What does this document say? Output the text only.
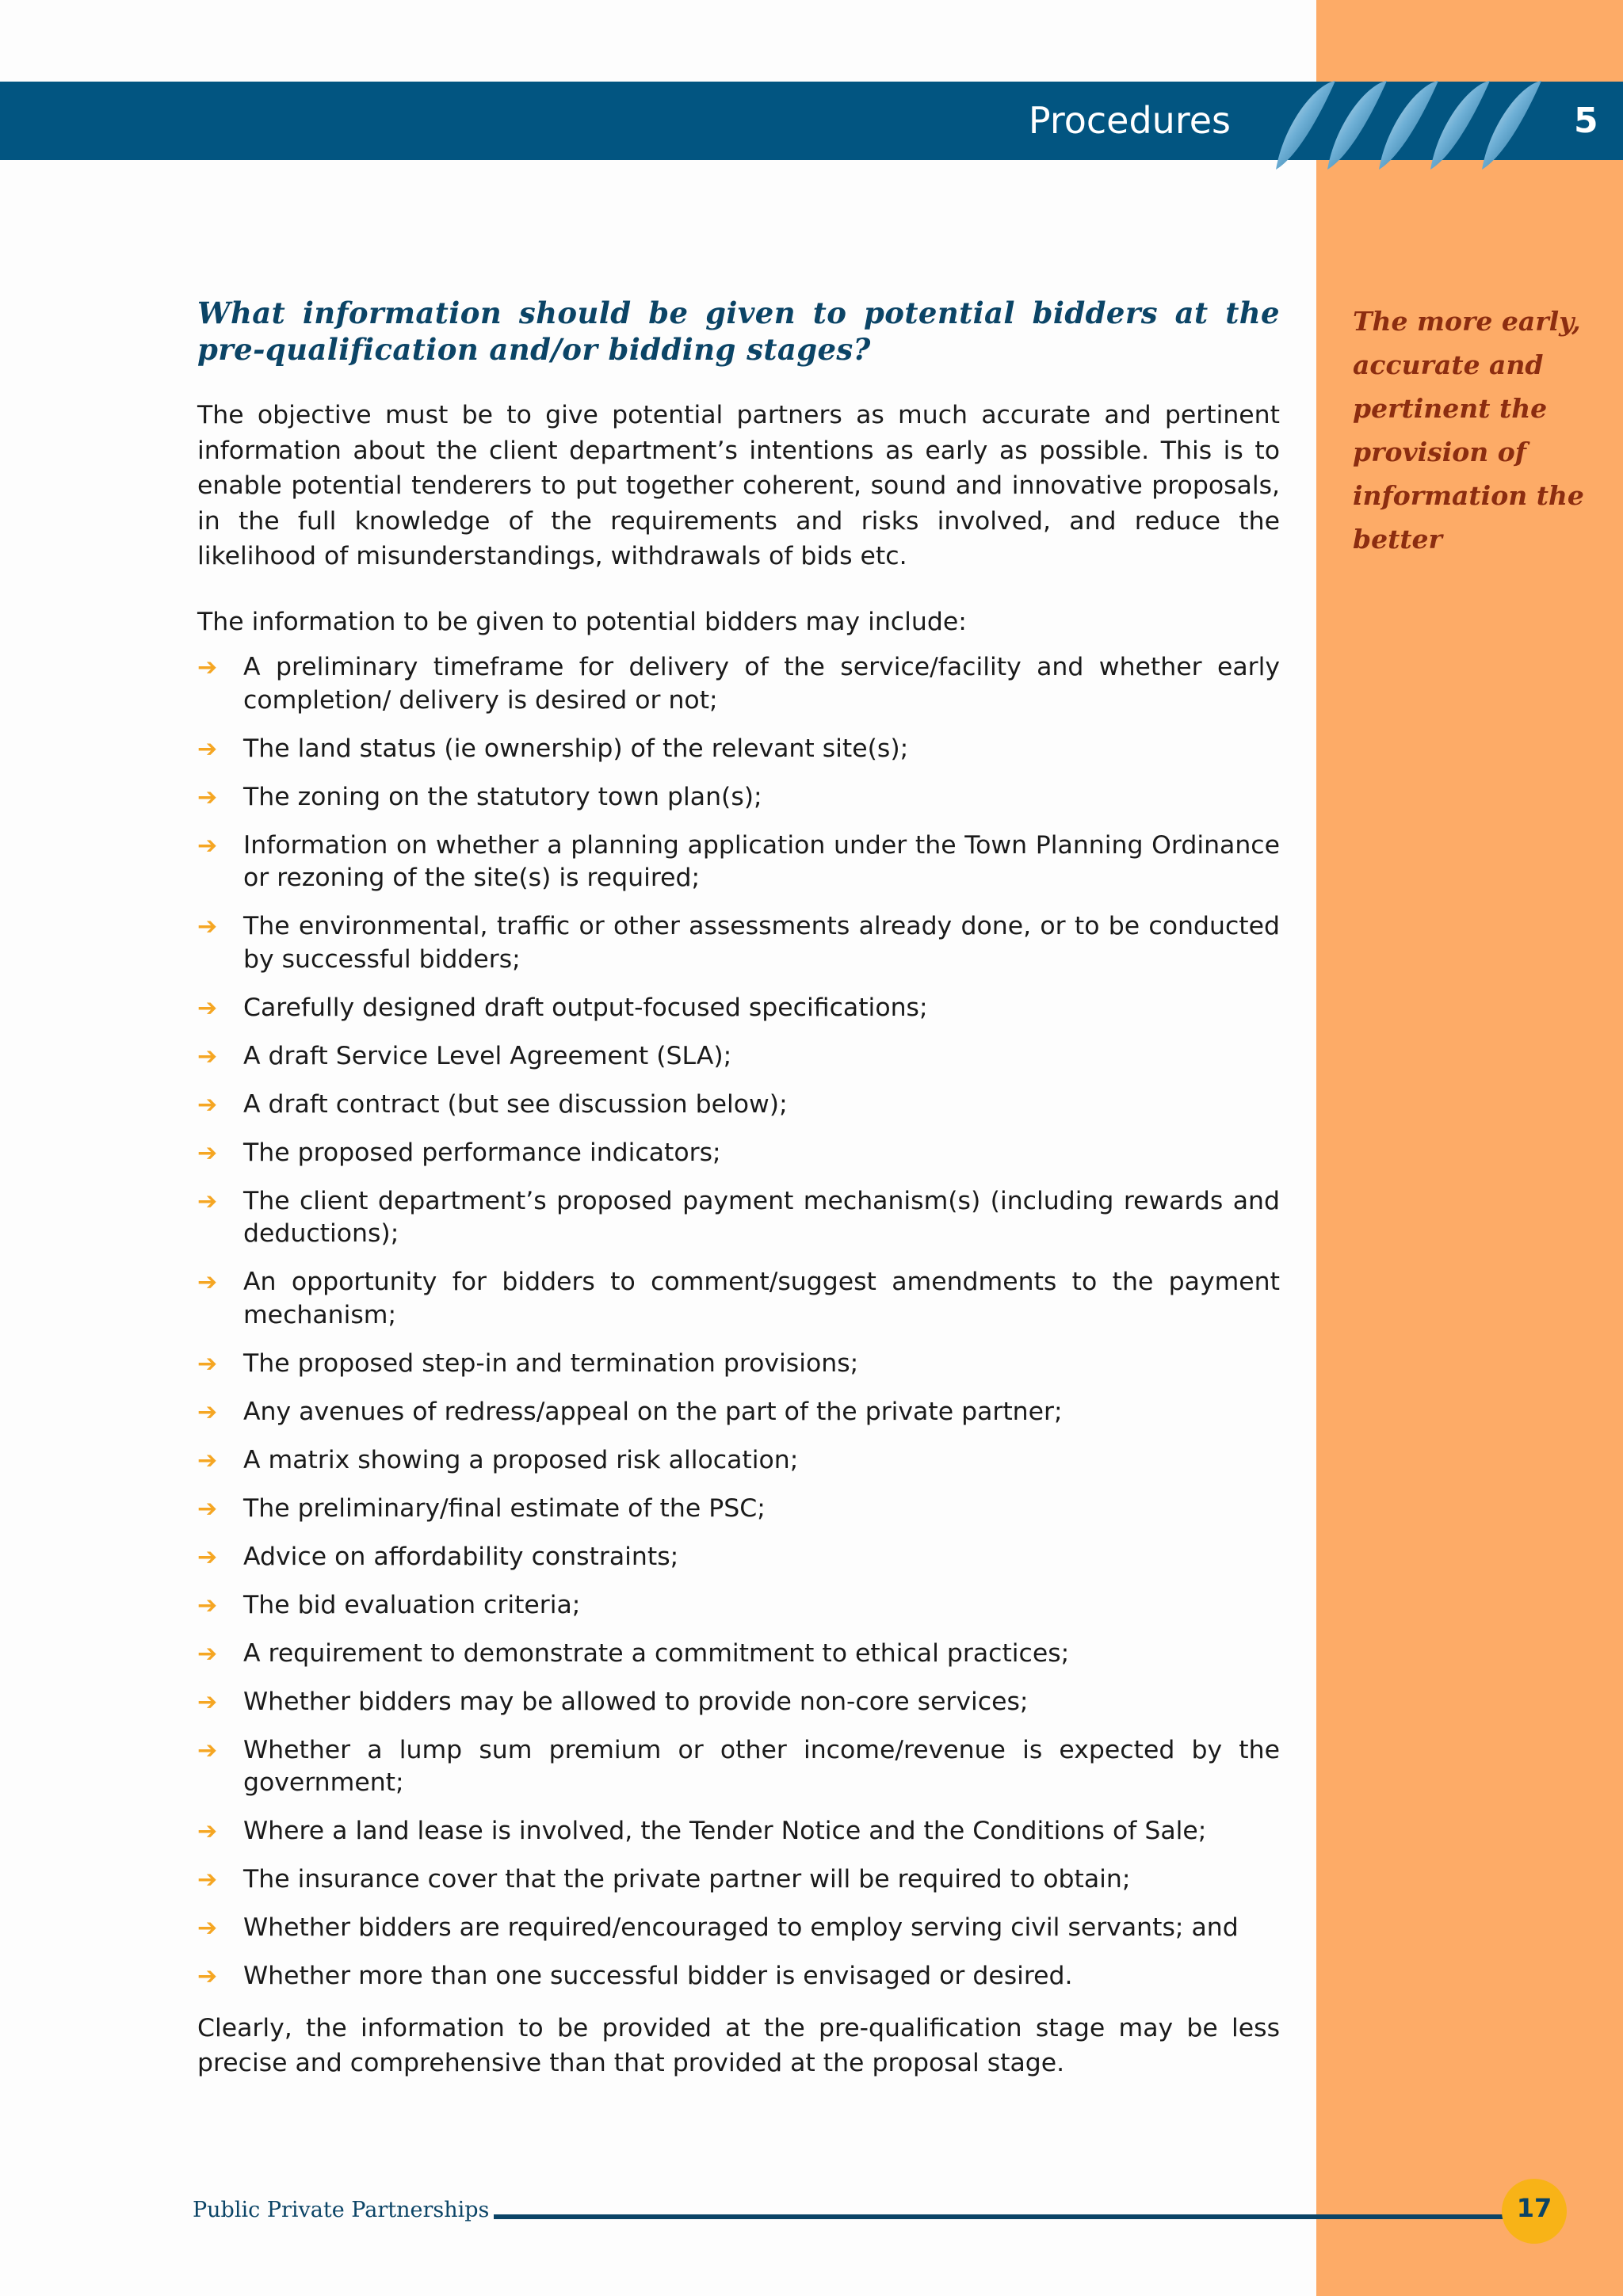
Procedures	5
What information should be given to potential bidders at the pre-qualification and/or bidding stages?

The objective must be to give potential partners as much accurate and pertinent information about the client department’s intentions as early as possible. This is to enable potential tenderers to put together coherent, sound and innovative proposals, in the full knowledge of the requirements and risks involved, and reduce the likelihood of misunderstandings, withdrawals of bids etc.

The information to be given to potential bidders may include:
➔ A preliminary timeframe for delivery of the service/facility and whether early completion/ delivery is desired or not;
➔ The land status (ie ownership) of the relevant site(s);
➔ The zoning on the statutory town plan(s);
➔ Information on whether a planning application under the Town Planning Ordinance or rezoning of the site(s) is required;
➔ The environmental, traffic or other assessments already done, or to be conducted by successful bidders;
➔ Carefully designed draft output-focused specifications;
➔ A draft Service Level Agreement (SLA);
➔ A draft contract (but see discussion below);
➔ The proposed performance indicators;
➔ The client department’s proposed payment mechanism(s) (including rewards and deductions);
➔ An opportunity for bidders to comment/suggest amendments to the payment mechanism;
➔ The proposed step-in and termination provisions;
➔ Any avenues of redress/appeal on the part of the private partner;
➔ A matrix showing a proposed risk allocation;
➔ The preliminary/final estimate of the PSC;
➔ Advice on affordability constraints;
➔ The bid evaluation criteria;
➔ A requirement to demonstrate a commitment to ethical practices;
➔ Whether bidders may be allowed to provide non-core services;
➔ Whether a lump sum premium or other income/revenue is expected by the government;
➔ Where a land lease is involved, the Tender Notice and the Conditions of Sale;
➔ The insurance cover that the private partner will be required to obtain;
➔ Whether bidders are required/encouraged to employ serving civil servants; and
➔ Whether more than one successful bidder is envisaged or desired.

Clearly, the information to be provided at the pre-qualification stage may be less precise and comprehensive than that provided at the proposal stage.

The more early, accurate and pertinent the provision of information the better
Public Private Partnerships	17
